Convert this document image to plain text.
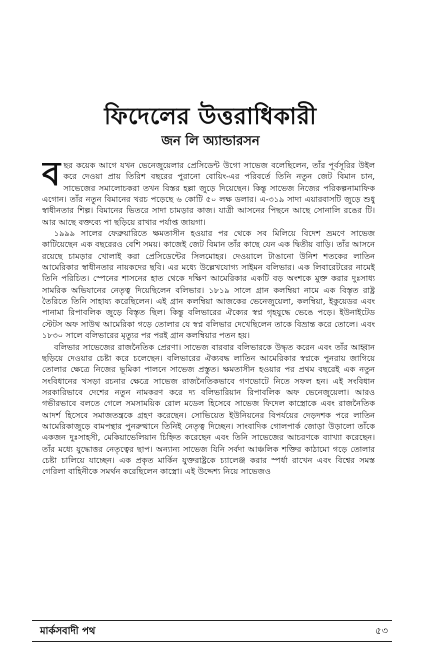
ফিদেলের উত্তরাধিকারী
জন লি অ্যান্ডারসন

বছর কয়েক আগে যখন ভেনেজুয়েলার প্রেসিডেন্ট উগো সাভেজ বলেছিলেন, তাঁর পূর্বসূরির উইল করে দেওয়া প্রায় তিরিশ বছরের পুরানো বোয়িং-এর পরিবর্তে তিনি নতুন জেট বিমান চান, সাভেজের সমালোচকরা তখন বিস্তর হল্লা জুড়ে দিয়েছেন। কিন্তু সাভেজ নিজের পরিকল্পনামাফিক এগোন। তাঁর নতুন বিমানের খরচ পড়েছে ৬ কোটি ৫০ লক্ষ ডলার। এ-৩১৯ সাদা এয়ারবাসটি জুড়ে শুধু স্বাধীনতার শিল্প। বিমানের ভিতরে সাদা চামড়ার কাজ। যাত্রী আসনের পিছনে আছে সোনালি রঙের টি। আর আছে বক্তব্যে পা ছড়িয়ে রাখার পর্যাপ্ত জায়গা।

১৯৯৯ সালের ফেব্রুয়ারিতে ক্ষমতাসীন হওয়ার পর থেকে সব মিলিয়ে বিদেশ ভ্রমণে সাভেজ কাটিয়েছেন এক বছরেরও বেশি সময়। কাজেই জেট বিমান তাঁর কাছে যেন এক দ্বিতীয় বাড়ি। তাঁর আসনে রয়েছে চামড়ার খোলাই করা প্রেসিডেন্টের সিলমোহর। দেওয়ালে টাঙানো উনিশ শতকের লাতিন আমেরিকার স্বাধীনতার নায়কদের ছবি। এর মধ্যে উল্লেখযোগ্য সাইমন বলিভার। এক লিবারেটরের নামেই তিনি পরিচিত। স্পেনের শাসনের হাত থেকে দক্ষিণ আমেরিকার একটি বড় অংশকে মুক্ত করার দুঃসাধ্য সামরিক অভিযানের নেতৃত্ব দিয়েছিলেন বলিভার। ১৮১৯ সালে গ্রান কলম্বিয়া নামে এক বিস্তৃত রাষ্ট্র তৈরিতে তিনি সাহায্য করেছিলেন। এই গ্রান কলম্বিয়া আজকের ভেনেজুয়েলা, কলম্বিয়া, ইকুয়েডর এবং পানামা রিপাবলিক জুড়ে বিস্তৃত ছিল। কিন্তু বলিভারের ঐক্যের স্বপ্ন গৃহযুদ্ধে ভেঙে পড়ে। ইউনাইটেড স্টেটস অফ সাউথ আমেরিকা গড়ে তোলার যে স্বপ্ন বলিভার দেখেছিলেন তাকে বিভ্রান্ত করে তোলে। এবং ১৮৩০ সালে বলিভারের মৃত্যুর পর পরই গ্রান কলম্বিয়ার পতন হয়।

বলিভার সাভেজের রাজনৈতিক প্রেরণা। সাভেজ বারবার বলিভারকে উদ্ধৃত করেন এবং তাঁর আহ্বান ছড়িয়ে দেওয়ার চেষ্টা করে চলেছেন। বলিভারের ঐক্যবদ্ধ লাতিন আমেরিকার স্বপ্নকে পুনরায় জাগিয়ে তোলার ক্ষেত্রে নিজের ভূমিকা পালনে সাভেজ প্রস্তুত। ক্ষমতাসীন হওয়ার পর প্রথম বছরেই এক নতুন সংবিধানের খসড়া রচনার ক্ষেত্রে সাভেজ রাজনৈতিকভাবে গণভোটে নিতে সফল হন। এই সংবিধান সরকারিভাবে দেশের নতুন নামকরণ করে দ্য বলিভারিয়ান রিপাবলিক অফ ভেনেজুয়েলা। আরও গভীরভাবে বলতে গেলে সমসাময়িক রোল মডেল হিসেবে সাভেজ ফিদেল কাস্ত্রোকে এবং রাজনৈতিক আদর্শ হিসেবে সমাজতন্ত্রকে গ্রহণ করেছেন। সোভিয়েত ইউনিয়নের বিপর্যয়ের দেড়দশক পরে লাতিন আমেরিকাজুড়ে বামপন্থার পুনরুত্থানে তিনিই নেতৃত্ব দিচ্ছেন। সাংবাদিক গোলপার্ক জোড়া উড়ালো তাঁকে একজন দুঃসাহসী, মেকিয়াভেলিয়ান চিহ্নিত করেছেন এবং তিনি সাভেজের আচরণকে ব্যাখ্যা করেছেন। তাঁর মধ্যে যুদ্ধোত্তর নেতৃত্বের ছাপ। অন্যান্য সাভেজ যিনি সর্বদা আঞ্চলিক শক্তির কাঠামো গড়ে তোলার চেষ্টা চালিয়ে যাচ্ছেন। এক প্রকৃত মার্কিন যুক্তরাষ্ট্রকে চ্যালেঞ্জ করার স্পর্ধা রাখেন এবং বিশ্বের সমস্ত গেরিলা বাহিনীকে সমর্থন করেছিলেন কাস্ত্রো। এই উদ্দেশ্য নিয়ে সাভেজও

মার্কসবাদী পথ	৫৩
